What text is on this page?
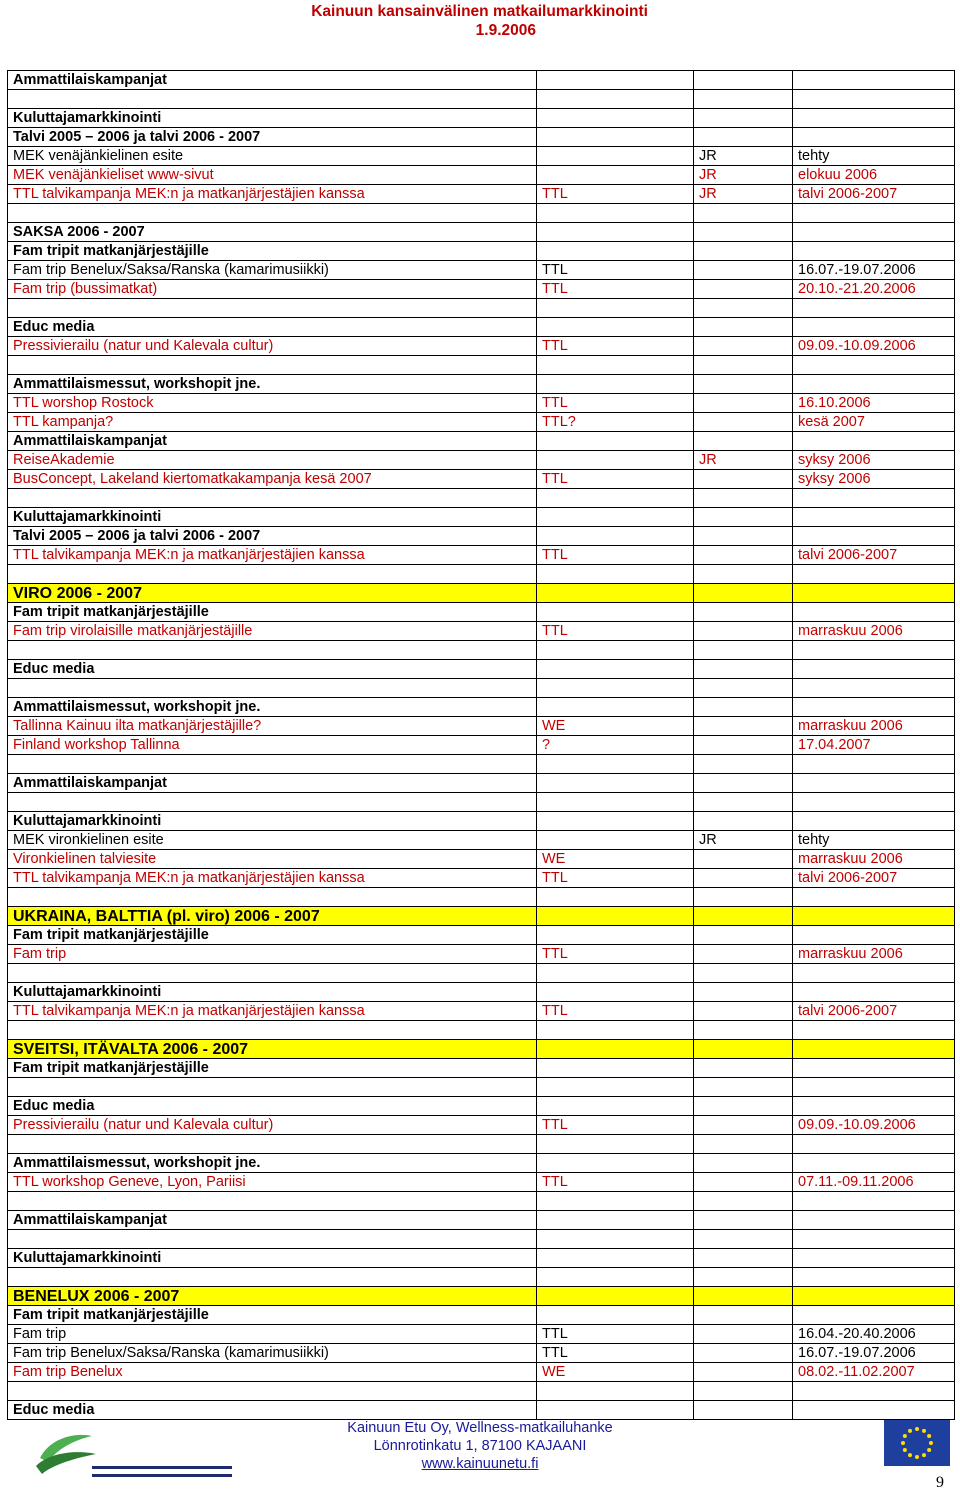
Kainuun kansainvälinen matkailumarkkinointi
1.9.2006
Ammattilaiskampanjat			

Kuluttajamarkkinointi			
Talvi 2005 – 2006 ja talvi 2006 - 2007			
MEK venäjänkielinen esite		JR	tehty
MEK venäjänkieliset www-sivut		JR	elokuu 2006
TTL talvikampanja MEK:n ja matkanjärjestäjien kanssa	TTL	JR	talvi 2006-2007

SAKSA 2006 - 2007			
Fam tripit matkanjärjestäjille			
Fam trip Benelux/Saksa/Ranska (kamarimusiikki)	TTL		16.07.-19.07.2006
Fam trip (bussimatkat)	TTL		20.10.-21.20.2006

Educ media			
Pressivierailu (natur und Kalevala cultur)	TTL		09.09.-10.09.2006

Ammattilaismessut, workshopit jne.			
TTL worshop Rostock	TTL		16.10.2006
TTL kampanja?	TTL?		kesä 2007
Ammattilaiskampanjat			
ReiseAkademie		JR	syksy 2006
BusConcept, Lakeland kiertomatkakampanja kesä 2007	TTL		syksy 2006

Kuluttajamarkkinointi			
Talvi 2005 – 2006 ja talvi 2006 - 2007			
TTL talvikampanja MEK:n ja matkanjärjestäjien kanssa	TTL		talvi 2006-2007

VIRO 2006 - 2007			
Fam tripit matkanjärjestäjille			
Fam trip virolaisille matkanjärjestäjille	TTL		marraskuu 2006

Educ media			

Ammattilaismessut, workshopit jne.			
Tallinna Kainuu ilta matkanjärjestäjille?	WE		marraskuu 2006
Finland workshop Tallinna	?		17.04.2007

Ammattilaiskampanjat			

Kuluttajamarkkinointi			
MEK vironkielinen esite		JR	tehty
Vironkielinen talviesite	WE		marraskuu 2006
TTL talvikampanja MEK:n ja matkanjärjestäjien kanssa	TTL		talvi 2006-2007

UKRAINA, BALTTIA (pl. viro) 2006 - 2007			
Fam tripit matkanjärjestäjille			
Fam trip	TTL		marraskuu 2006

Kuluttajamarkkinointi			
TTL talvikampanja MEK:n ja matkanjärjestäjien kanssa	TTL		talvi 2006-2007

SVEITSI, ITÄVALTA 2006 - 2007			
Fam tripit matkanjärjestäjille			

Educ media			
Pressivierailu (natur und Kalevala cultur)	TTL		09.09.-10.09.2006

Ammattilaismessut, workshopit jne.			
TTL workshop Geneve, Lyon, Pariisi	TTL		07.11.-09.11.2006

Ammattilaiskampanjat			

Kuluttajamarkkinointi			

BENELUX 2006 - 2007			
Fam tripit matkanjärjestäjille			
Fam trip	TTL		16.04.-20.40.2006
Fam trip Benelux/Saksa/Ranska (kamarimusiikki)	TTL		16.07.-19.07.2006
Fam trip Benelux	WE		08.02.-11.02.2007

Educ media			
Kainuun Etu Oy, Wellness-matkailuhanke
Lönnrotinkatu 1, 87100 KAJAANI
www.kainuunetu.fi
9
